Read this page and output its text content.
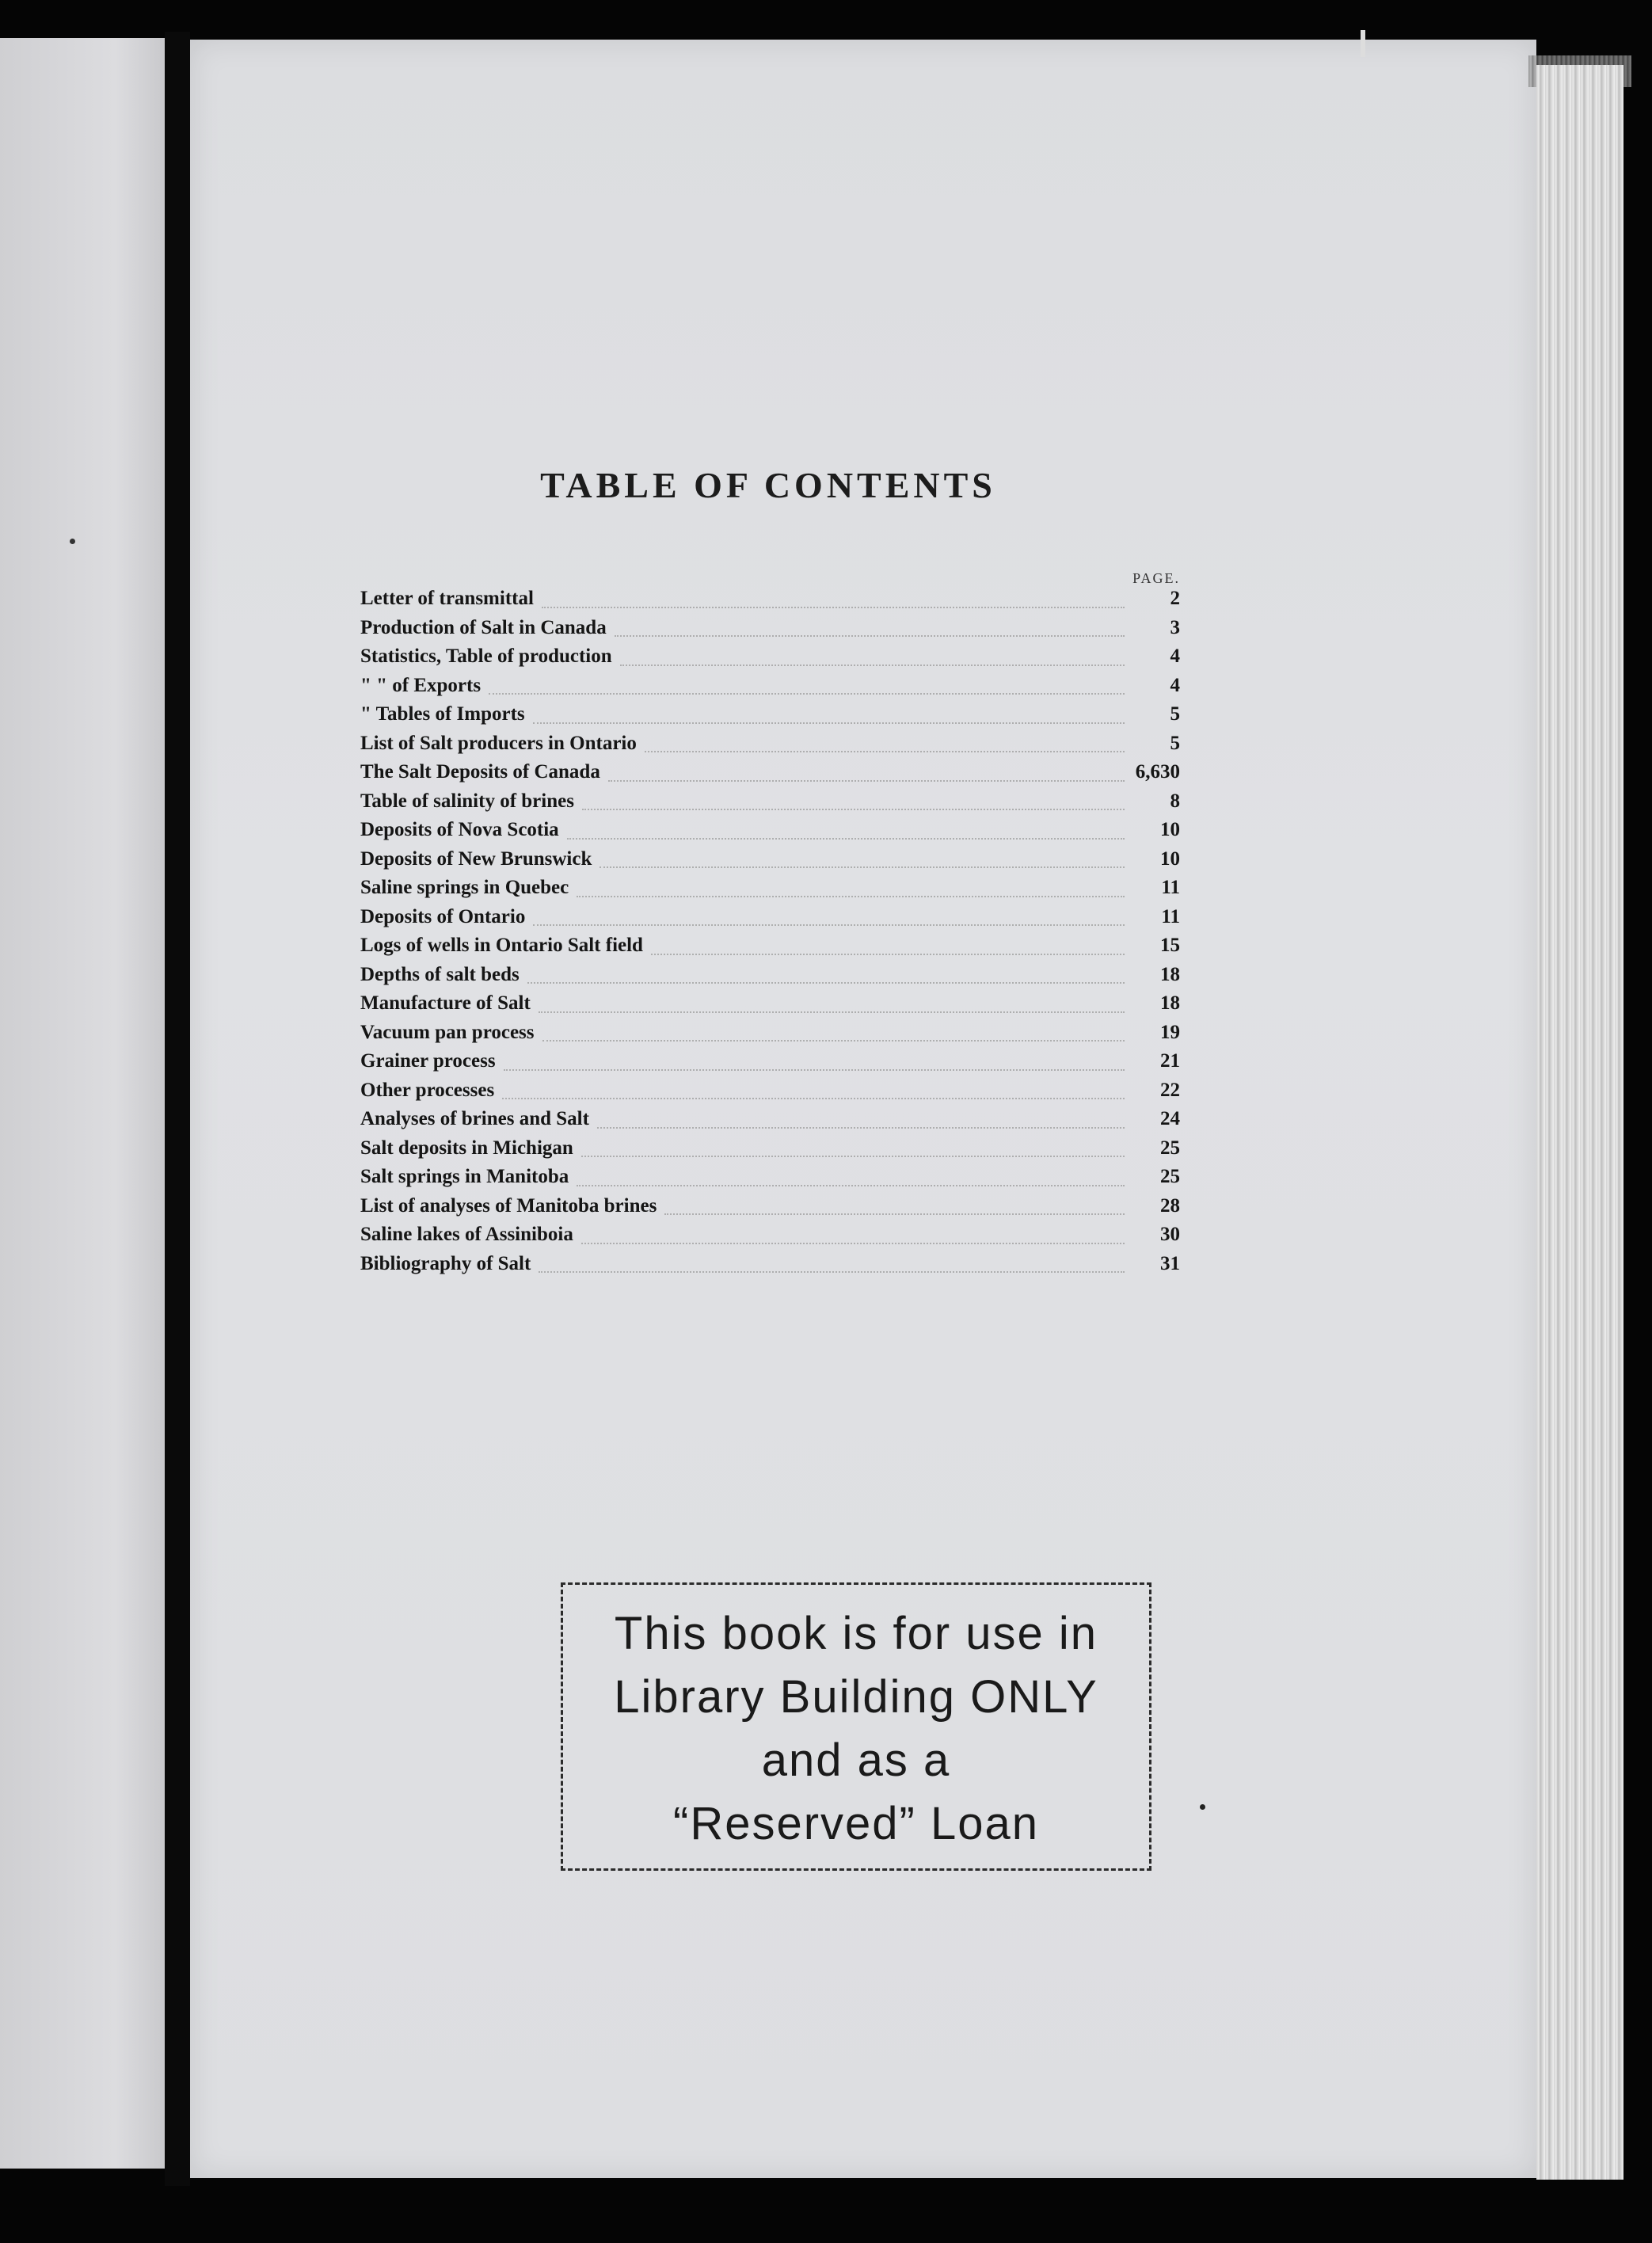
TABLE OF CONTENTS
PAGE.
Letter of transmittal	2
Production of Salt in Canada	3
Statistics, Table of production	4
" " of Exports	4
" Tables of Imports	5
List of Salt producers in Ontario	5
The Salt Deposits of Canada	6,630
Table of salinity of brines	8
Deposits of Nova Scotia	10
Deposits of New Brunswick	10
Saline springs in Quebec	11
Deposits of Ontario	11
Logs of wells in Ontario Salt field	15
Depths of salt beds	18
Manufacture of Salt	18
Vacuum pan process	19
Grainer process	21
Other processes	22
Analyses of brines and Salt	24
Salt deposits in Michigan	25
Salt springs in Manitoba	25
List of analyses of Manitoba brines	28
Saline lakes of Assiniboia	30
Bibliography of Salt	31
This book is for use in
Library Building ONLY
and as a
“Reserved” Loan
